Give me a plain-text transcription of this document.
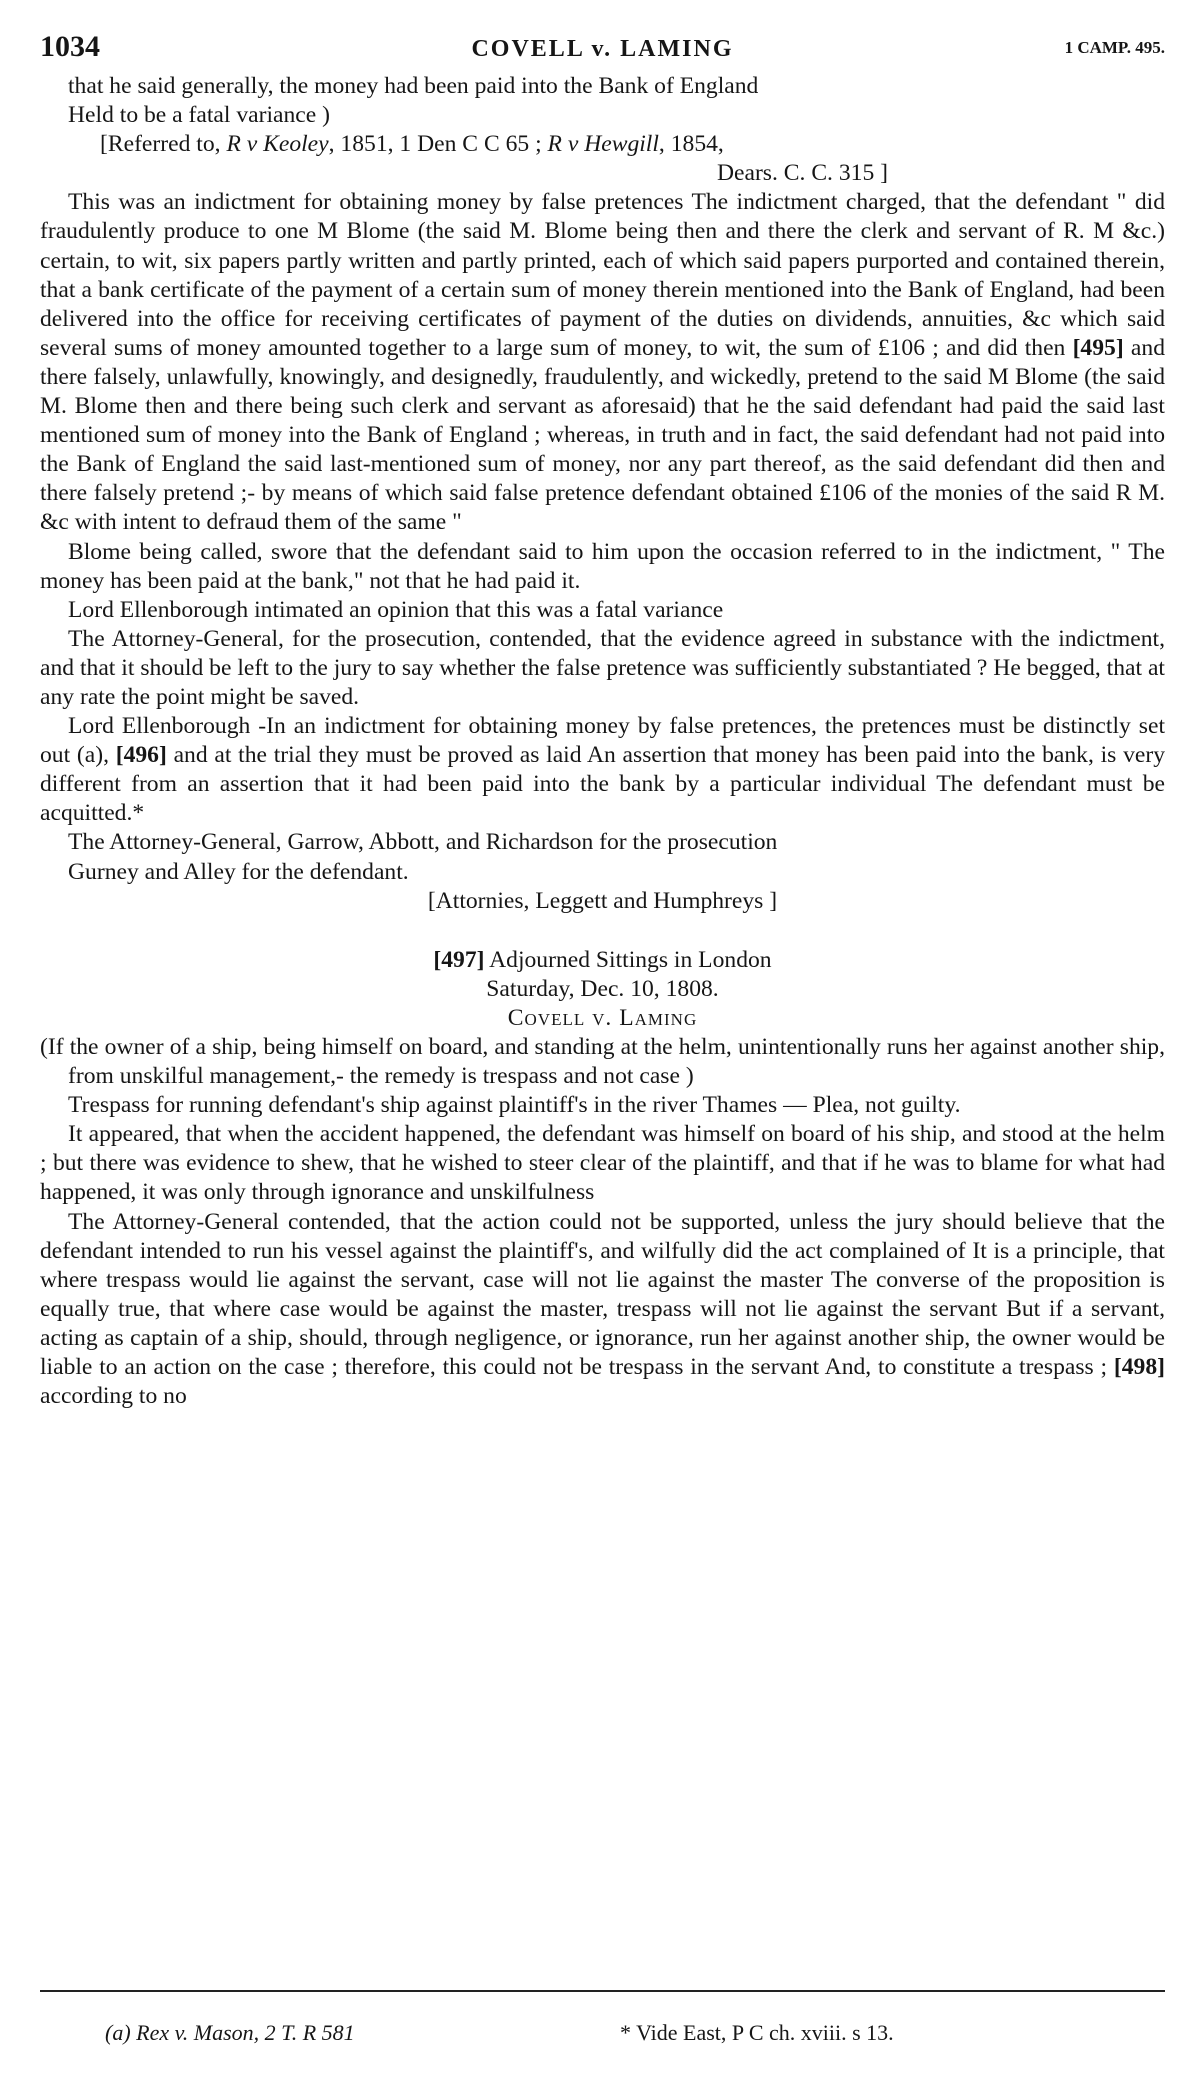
1034	COVELL v. LAMING	1 CAMP. 495.

that he said generally, the money had been paid into the Bank of England

Held to be a fatal variance )

[Referred to, R v Keoley, 1851, 1 Den C C 65 ; R v Hewgill, 1854,

Dears. C. C. 315 ]

This was an indictment for obtaining money by false pretences The indictment charged, that the defendant " did fraudulently produce to one M Blome (the said M. Blome being then and there the clerk and servant of R. M &c.) certain, to wit, six papers partly written and partly printed, each of which said papers purported and contained therein, that a bank certificate of the payment of a certain sum of money therein mentioned into the Bank of England, had been delivered into the office for receiving certificates of payment of the duties on dividends, annuities, &c which said several sums of money amounted together to a large sum of money, to wit, the sum of £106 ; and did then [495] and there falsely, unlawfully, knowingly, and designedly, fraudulently, and wickedly, pretend to the said M Blome (the said M. Blome then and there being such clerk and servant as aforesaid) that he the said defendant had paid the said last mentioned sum of money into the Bank of England ; whereas, in truth and in fact, the said defendant had not paid into the Bank of England the said last-mentioned sum of money, nor any part thereof, as the said defendant did then and there falsely pretend ;- by means of which said false pretence defendant obtained £106 of the monies of the said R M. &c with intent to defraud them of the same "

Blome being called, swore that the defendant said to him upon the occasion referred to in the indictment, " The money has been paid at the bank," not that he had paid it.

Lord Ellenborough intimated an opinion that this was a fatal variance

The Attorney-General, for the prosecution, contended, that the evidence agreed in substance with the indictment, and that it should be left to the jury to say whether the false pretence was sufficiently substantiated ? He begged, that at any rate the point might be saved.

Lord Ellenborough -In an indictment for obtaining money by false pretences, the pretences must be distinctly set out (a), [496] and at the trial they must be proved as laid An assertion that money has been paid into the bank, is very different from an assertion that it had been paid into the bank by a particular individual The defendant must be acquitted.*

The Attorney-General, Garrow, Abbott, and Richardson for the prosecution

Gurney and Alley for the defendant.

[Attornies, Leggett and Humphreys ]

[497] Adjourned Sittings in London

Saturday, Dec. 10, 1808.

Covell v. Laming

(If the owner of a ship, being himself on board, and standing at the helm, unintentionally runs her against another ship, from unskilful management,- the remedy is trespass and not case )

Trespass for running defendant's ship against plaintiff's in the river Thames — Plea, not guilty.

It appeared, that when the accident happened, the defendant was himself on board of his ship, and stood at the helm ; but there was evidence to shew, that he wished to steer clear of the plaintiff, and that if he was to blame for what had happened, it was only through ignorance and unskilfulness

The Attorney-General contended, that the action could not be supported, unless the jury should believe that the defendant intended to run his vessel against the plaintiff's, and wilfully did the act complained of It is a principle, that where trespass would lie against the servant, case will not lie against the master The converse of the proposition is equally true, that where case would be against the master, trespass will not lie against the servant But if a servant, acting as captain of a ship, should, through negligence, or ignorance, run her against another ship, the owner would be liable to an action on the case ; therefore, this could not be trespass in the servant And, to constitute a trespass ; [498] according to no

(a) Rex v. Mason, 2 T. R 581	* Vide East, P C ch. xviii. s 13.
